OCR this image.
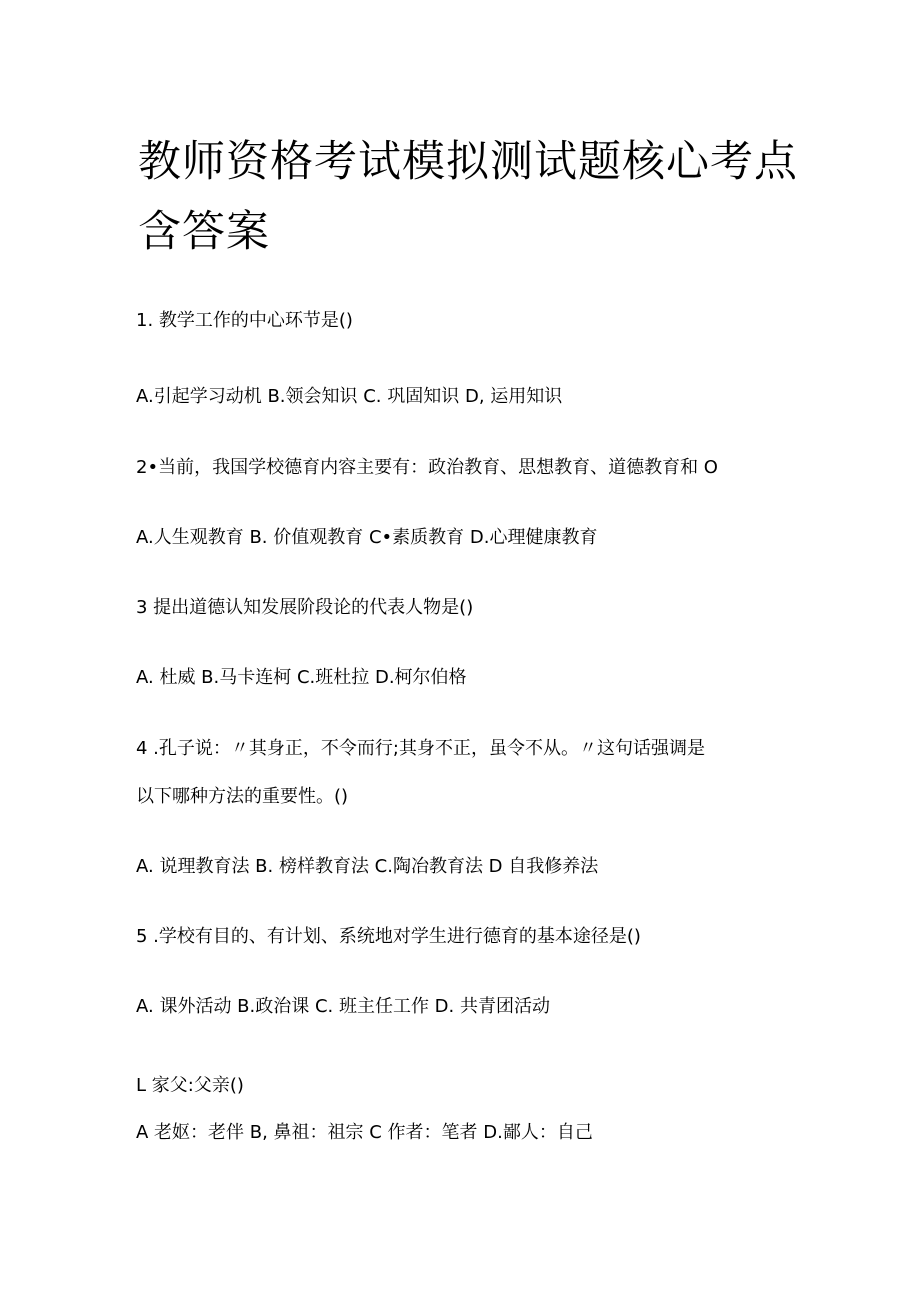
教师资格考试模拟测试题核心考点
含答案
1. 教学工作的中心环节是()
A.引起学习动机 B.领会知识 C. 巩固知识 D, 运用知识
2•当前，我国学校德育内容主要有：政治教育、思想教育、道德教育和 O
A.人生观教育 B. 价值观教育 C•素质教育 D.心理健康教育
3 提出道德认知发展阶段论的代表人物是()
A. 杜威 B.马卡连柯 C.班杜拉 D.柯尔伯格
4 .孔子说：〃其身正，不令而行;其身不正，虽令不从。〃这句话强调是
以下哪种方法的重要性。()
A. 说理教育法 B. 榜样教育法 C.陶冶教育法 D 自我修养法
5 .学校有目的、有计划、系统地对学生进行德育的基本途径是()
A. 课外活动 B.政治课 C. 班主任工作 D. 共青团活动
L 家父:父亲()
A 老妪：老伴 B, 鼻祖：祖宗 C 作者：笔者 D.鄙人：自己
